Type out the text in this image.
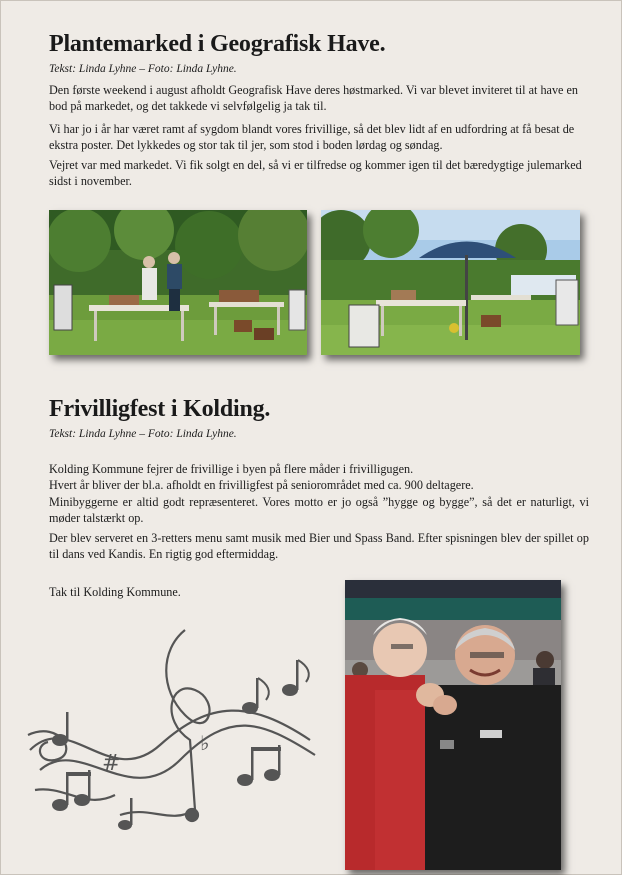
Plantemarked i Geografisk Have.

Tekst: Linda Lyhne – Foto: Linda Lyhne.

Den første weekend i august afholdt Geografisk Have deres høstmarked. Vi var blevet inviteret til at have en bod på markedet, og det takkede vi selvfølgelig ja tak til.

Vi har jo i år har været ramt af sygdom blandt vores frivillige, så det blev lidt af en udfordring at få besat de ekstra poster. Det lykkedes og stor tak til jer, som stod i boden lørdag og søndag.

Vejret var med markedet. Vi fik solgt en del, så vi er tilfredse og kommer igen til det bæredygtige julemarked sidst i november.

Frivilligfest i Kolding.

Tekst: Linda Lyhne – Foto: Linda Lyhne.

Kolding Kommune fejrer de frivillige i byen på flere måder i frivilligugen.

Hvert år bliver der bl.a. afholdt en frivilligfest på seniorområdet med ca. 900 deltagere.

Minibyggerne er altid godt repræsenteret. Vores motto er jo også ”hygge og bygge”, så det er naturligt, vi møder talstærkt op.

Der blev serveret en 3-retters menu samt musik med Bier und Spass Band. Efter spisningen blev der spillet op til dans ved Kandis. En rigtig god eftermiddag.

Tak til Kolding Kommune.

#
♭
